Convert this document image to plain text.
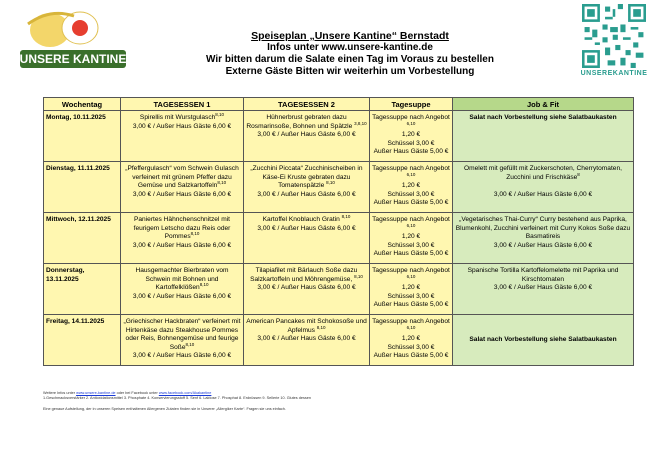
UNSERE KANTINE
UNSEREKANTINE
Speiseplan „Unsere Kantine“ Bernstadt
Infos unter www.unsere-kantine.de
Wir bitten darum die Salate einen Tag im Voraus zu bestellen
Externe Gäste Bitten wir weiterhin um Vorbestellung
Wochentag	TAGESESSEN 1	TAGESESSEN 2	Tagesuppe	Job & Fit
Montag, 10.11.2025	Spirellis mit Wurstgulasch$^{8,10}$
3,00 € / Außer Haus Gäste 6,00 €	Hühnerbrust gebraten dazu Rosmarinsoße, Bohnen und Spätzle $^{3,8,10}$
3,00 € / Außer Haus Gäste 6,00 €	Tagessuppe nach Angebot
$^{6,10}$
1,20 €
Schüssel 3,00 €
Außer Haus Gäste 5,00 €	Salat nach Vorbestellung siehe Salatbaukasten
Dienstag, 11.11.2025	„Pfeffergulasch“ vom Schwein Gulasch verfeinert mit grünem Pfeffer dazu Gemüse und Salzkartoffeln$^{8,10}$
3,00 € / Außer Haus Gäste 6,00 €	„Zucchini Piccata“ Zucchinischeiben in Käse-Ei Kruste gebraten dazu Tomatenspätzle $^{8,10}$
3,00 € / Außer Haus Gäste 6,00 €	Tagessuppe nach Angebot
$^{6,10}$
1,20 €
Schüssel 3,00 €
Außer Haus Gäste 5,00 €	Omelett mit gefüllt mit Zuckerschoten, Cherrytomaten, Zucchini und Frischkäse$^8$

3,00 € / Außer Haus Gäste 6,00 €
Mittwoch, 12.11.2025	Paniertes Hähnchenschnitzel mit feurigem Letscho dazu Reis oder Pommes$^{8,10}$
3,00 € / Außer Haus Gäste 6,00 €	Kartoffel Knoblauch Gratin $^{8,10}$
3,00 € / Außer Haus Gäste 6,00 €	Tagessuppe nach Angebot
$^{6,10}$
1,20 €
Schüssel 3,00 €
Außer Haus Gäste 5,00 €	„Vegetarisches Thai-Curry“ Curry bestehend aus Paprika, Blumenkohl, Zucchini verfeinert mit Curry Kokos Soße dazu Basmatireis
3,00 € / Außer Haus Gäste 6,00 €
Donnerstag, 13.11.2025	Hausgemachter Bierbraten vom Schwein mit Bohnen und Kartoffelklößen$^{8,10}$
3,00 € / Außer Haus Gäste 6,00 €	Tilapiafilet mit Bärlauch Soße dazu Salzkartoffeln und Möhrengemüse, $^{8,10}$
3,00 € / Außer Haus Gäste 6,00 €	Tagessuppe nach Angebot
$^{6,10}$
1,20 €
Schüssel 3,00 €
Außer Haus Gäste 5,00 €	Spanische Tortilla Kartoffelomelette mit Paprika und Kirschtomaten
3,00 € / Außer Haus Gäste 6,00 €
Freitag, 14.11.2025	„Griechischer Hackbraten“ verfeinert mit Hirtenkäse dazu Steakhouse Pommes oder Reis, Bohnengemüse und feurige Soße$^{8,10}$
3,00 € / Außer Haus Gäste 6,00 €	American Pancakes mit Schokosoße und Apfelmus $^{8,10}$
3,00 € / Außer Haus Gäste 6,00 €	Tagessuppe nach Angebot
$^{6,10}$
1,20 €
Schüssel 3,00 €
Außer Haus Gäste 5,00 €	Salat nach Vorbestellung siehe Salatbaukasten
Weitere Infos unter www.unsere-kantine.de oder bei Facebook unter www.facebook.com/Akakantine
1.Geschmacksverstärker 2. Antioxidationsmittel 3. Phosphate 4. Konservierungsstoff 5. Senf 6. Laktose 7. Phosphat 8. Erdnüssen 9. Sellerie 10. Glutes dessen
Eine genaue Aufstellung, der in unseren Speisen enthaltenen Allergenen Zutaten finden sie in Unserer „Allergiker Karte“. Fragen sie uns einfach.
